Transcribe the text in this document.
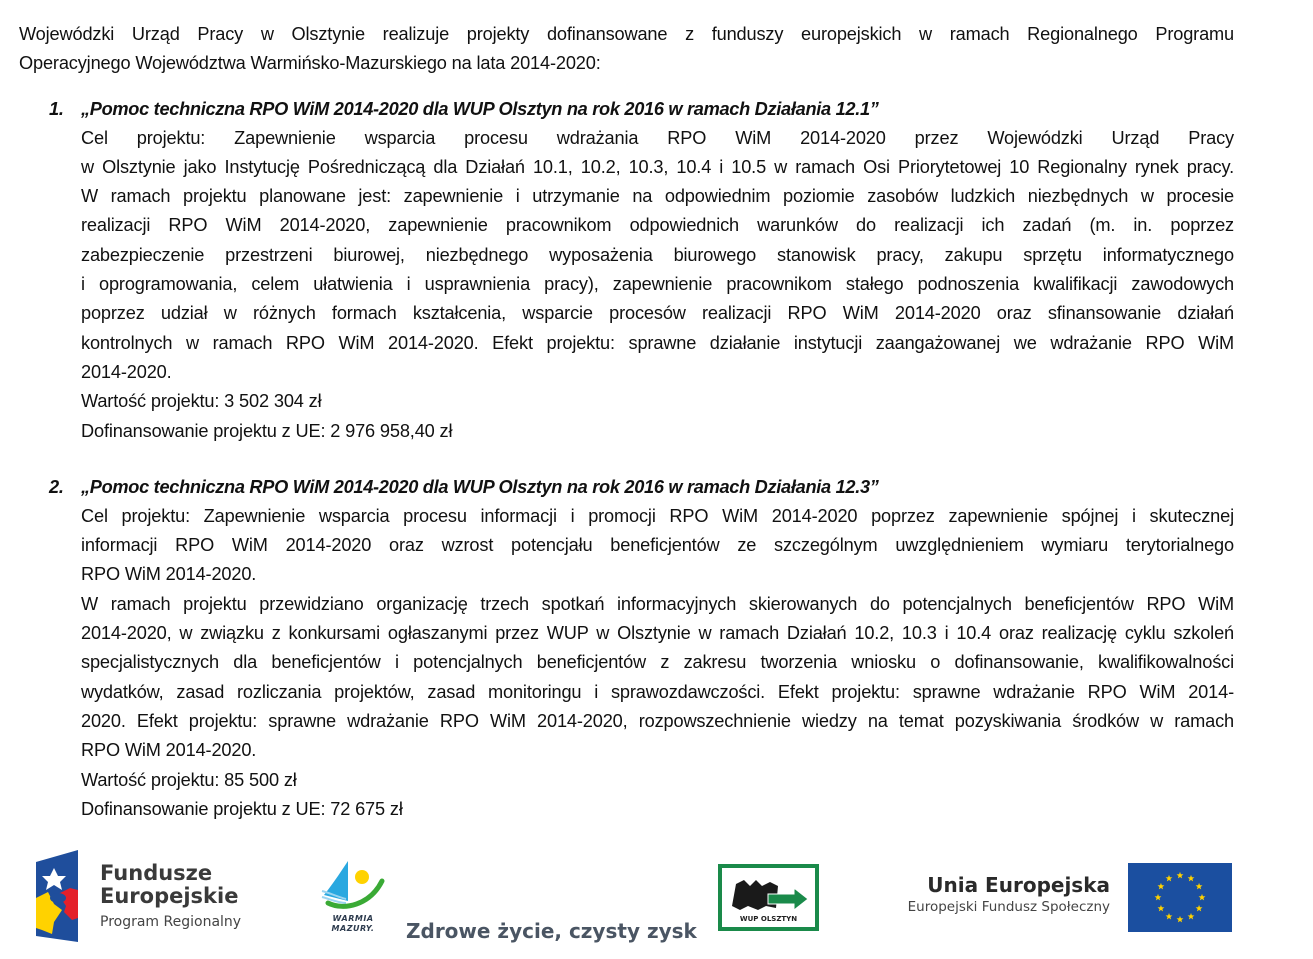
Wojewódzki Urząd Pracy w Olsztynie realizuje projekty dofinansowane z funduszy europejskich w ramach Regionalnego Programu
Operacyjnego Województwa Warmińsko-Mazurskiego na lata 2014-2020:

1. „Pomoc techniczna RPO WiM 2014-2020 dla WUP Olsztyn na rok 2016 w ramach Działania 12.1”
Cel projektu: Zapewnienie wsparcia procesu wdrażania RPO WiM 2014-2020 przez Wojewódzki Urząd Pracy
w Olsztynie jako Instytucję Pośredniczącą dla Działań 10.1, 10.2, 10.3, 10.4 i 10.5 w ramach Osi Priorytetowej 10 Regionalny rynek pracy.
W ramach projektu planowane jest: zapewnienie i utrzymanie na odpowiednim poziomie zasobów ludzkich niezbędnych w procesie
realizacji RPO WiM 2014-2020, zapewnienie pracownikom odpowiednich warunków do realizacji ich zadań (m. in. poprzez
zabezpieczenie przestrzeni biurowej, niezbędnego wyposażenia biurowego stanowisk pracy, zakupu sprzętu informatycznego
i oprogramowania, celem ułatwienia i usprawnienia pracy), zapewnienie pracownikom stałego podnoszenia kwalifikacji zawodowych
poprzez udział w różnych formach kształcenia, wsparcie procesów realizacji RPO WiM 2014-2020 oraz sfinansowanie działań
kontrolnych w ramach RPO WiM 2014-2020. Efekt projektu: sprawne działanie instytucji zaangażowanej we wdrażanie RPO WiM
2014-2020.
Wartość projektu: 3 502 304 zł
Dofinansowanie projektu z UE: 2 976 958,40 zł
2. „Pomoc techniczna RPO WiM 2014-2020 dla WUP Olsztyn na rok 2016 w ramach Działania 12.3”
Cel projektu: Zapewnienie wsparcia procesu informacji i promocji RPO WiM 2014-2020 poprzez zapewnienie spójnej i skutecznej
informacji RPO WiM 2014-2020 oraz wzrost potencjału beneficjentów ze szczególnym uwzględnieniem wymiaru terytorialnego
RPO WiM 2014-2020.
W ramach projektu przewidziano organizację trzech spotkań informacyjnych skierowanych do potencjalnych beneficjentów RPO WiM
2014-2020, w związku z konkursami ogłaszanymi przez WUP w Olsztynie w ramach Działań 10.2, 10.3 i 10.4 oraz realizację cyklu szkoleń
specjalistycznych dla beneficjentów i potencjalnych beneficjentów z zakresu tworzenia wniosku o dofinansowanie, kwalifikowalności
wydatków, zasad rozliczania projektów, zasad monitoringu i sprawozdawczości. Efekt projektu: sprawne wdrażanie RPO WiM 2014-
2020. Efekt projektu: sprawne wdrażanie RPO WiM 2014-2020, rozpowszechnienie wiedzy na temat pozyskiwania środków w ramach
RPO WiM 2014-2020.
Wartość projektu: 85 500 zł
Dofinansowanie projektu z UE: 72 675 zł
Fundusze
Europejskie
Program Regionalny	WARMIA
MAZURY.	Zdrowe życie, czysty zysk	WUP OLSZTYN
Unia Europejska
Europejski Fundusz Społeczny
